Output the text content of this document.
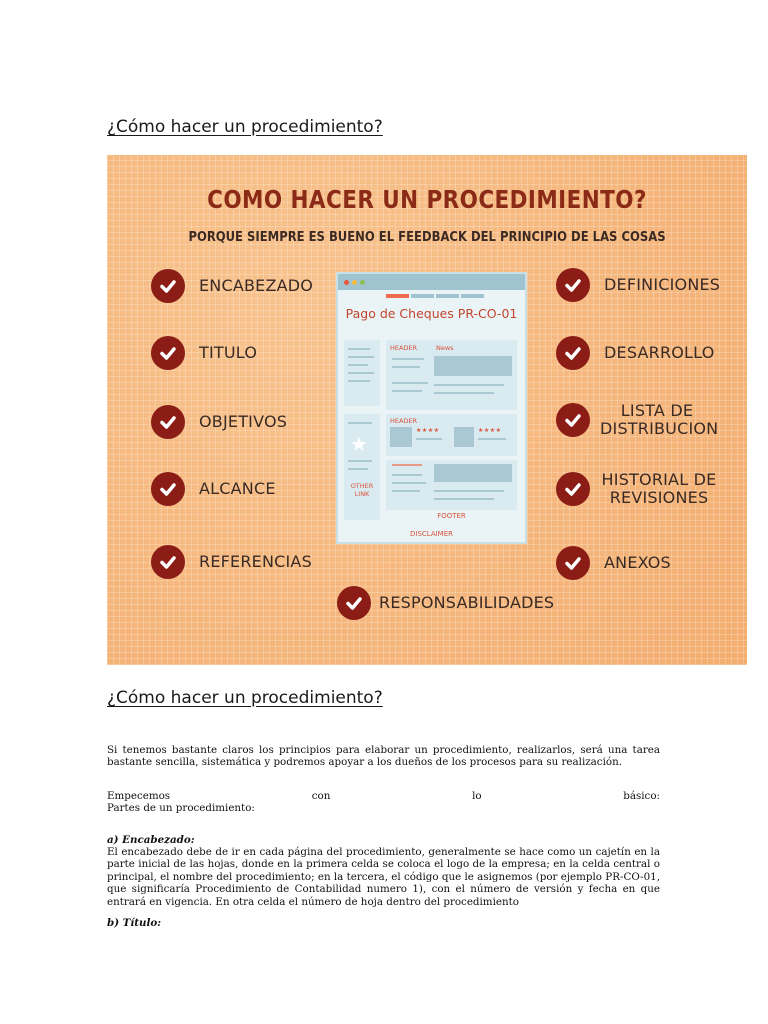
¿Cómo hacer un procedimiento?
COMO HACER UN PROCEDIMIENTO?
PORQUE SIEMPRE ES BUENO EL FEEDBACK DEL PRINCIPIO DE LAS COSAS
ENCABEZADO
TITULO
OBJETIVOS
ALCANCE
REFERENCIAS
DEFINICIONES
DESARROLLO
LISTA DE DISTRIBUCION
HISTORIAL DE REVISIONES
ANEXOS
RESPONSABILIDADES
Pago de Cheques PR-CO-01
★
OTHER LINK
HEADER	News
HEADER
★★★★	★★★★
FOOTER
DISCLAIMER
¿Cómo hacer un procedimiento?

Si tenemos bastante claros los principios para elaborar un procedimiento, realizarlos, será una tarea bastante sencilla, sistemática y podremos apoyar a los dueños de los procesos para su realización.

Empecemos	con	lo	básico:

Partes de un procedimiento:

a) Encabezado:

El encabezado debe de ir en cada página del procedimiento, generalmente se hace como un cajetín en la parte inicial de las hojas, donde en la primera celda se coloca el logo de la empresa; en la celda central o principal, el nombre del procedimiento; en la tercera, el código que le asignemos (por ejemplo PR-CO-01, que significaría Procedimiento de Contabilidad numero 1), con el número de versión y fecha en que entrará en vigencia. En otra celda el número de hoja dentro del procedimiento

b) Título:
